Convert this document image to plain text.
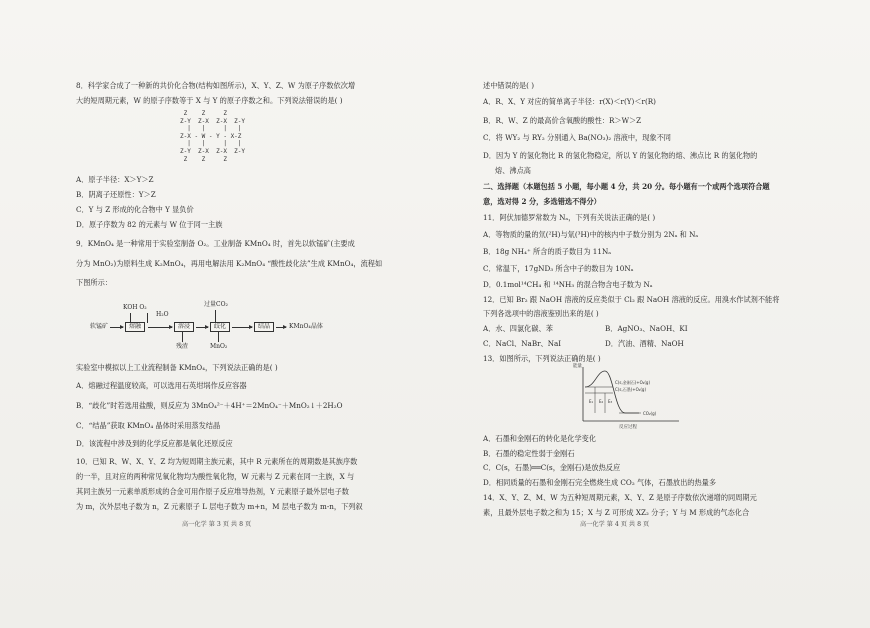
8．科学家合成了一种新的共价化合物(结构如图所示)，X、Y、Z、W 为原子序数依次增
大的短周期元素，W 的原子序数等于 X 与 Y 的原子序数之和。下列说法错误的是( )
Z    Z     Z
Z-Y  Z-X  Z-X  Z-Y
|   |     |   |
Z-X - W - Y - X-Z
|   |     |   |
Z-Y  Z-X  Z-X  Z-Y
Z    Z     Z
A．原子半径：X＞Y＞Z
B．阴离子还原性：Y＞Z
C．Y 与 Z 形成的化合物中 Y 显负价
D．原子序数为 82 的元素与 W 位于同一主族
9．KMnO₄ 是一种常用于实验室制备 O₂。工业制备 KMnO₄ 时，首先以软锰矿(主要成
分为 MnO₂)为原料生成 K₂MnO₄，再用电解法用 K₂MnO₄ “酸性歧化法”生成 KMnO₄，流程如
下图所示：
KOH O₂
软锰矿	熔融
H₂O
溶浸
残渣
过量CO₂
歧化
MnO₂
结晶	KMnO₄晶体
实验室中模拟以上工业流程制备 KMnO₄，下列说法正确的是( )
A．熔融过程温度较高，可以选用石英坩埚作反应容器
B．“歧化”时若选用盐酸，则反应为 3MnO₄²⁻＋4H⁺＝2MnO₄⁻＋MnO₂↓＋2H₂O
C．“结晶”获取 KMnO₄ 晶体时采用蒸发结晶
D．该流程中涉及到的化学反应都是氧化还原反应
10．已知 R、W、X、Y、Z 均为短周期主族元素，其中 R 元素所在的周期数是其族序数
的一半，且对应的两种常见氧化物均为酸性氧化物，W 元素与 Z 元素在同一主族，X 与
其同主族另一元素单质形成的合金可用作原子反应堆导热剂，Y 元素原子最外层电子数
为 m，次外层电子数为 n，Z 元素原子 L 层电子数为 m+n，M 层电子数为 m-n，下列叙
高一化学 第 3 页 共 8 页
述中错误的是( )
A．R、X、Y 对应的简单离子半径：r(X)＜r(Y)＜r(R)
B．R、W、Z 的最高价含氧酸的酸性：R＞W＞Z
C．将 WY₂ 与 RY₂ 分别通入 Ba(NO₃)₂ 溶液中，现象不同
D．因为 Y 的氢化物比 R 的氢化物稳定，所以 Y 的氢化物的熔、沸点比 R 的氢化物的
熔、沸点高
二、选择题（本题包括 5 小题，每小题 4 分，共 20 分。每小题有一个或两个选项符合题
意，选对得 2 分，多选错选不得分）
11．阿伏加德罗常数为 Nₐ，下列有关说法正确的是( )
A．等物质的量的氘(²H)与氚(³H)中的核内中子数分别为 2Nₐ 和 Nₐ
B．18g NH₄⁺ 所含的质子数目为 11Nₐ
C．常温下，17gND₃ 所含中子的数目为 10Nₐ
D．0.1mol¹⁴CH₄ 和 ¹⁴NH₃ 的混合物含电子数为 Nₐ
12．已知 Br₂ 跟 NaOH 溶液的反应类似于 Cl₂ 跟 NaOH 溶液的反应。用溴水作试剂不能将
下列各选项中的溶液鉴别出来的是( )
A．水、四氯化碳、苯	B．AgNO₃、NaOH、KI
C．NaCl、NaBr、NaI	D．汽油、酒精、NaOH
13．如图所示，下列说法正确的是( )
能量
反应过程
C(s,金刚石)+O₂(g)
C(s,石墨)+O₂(g)
CO₂(g)
E₁ E₂ E₃
A．石墨和金刚石的转化是化学变化
B．石墨的稳定性弱于金刚石
C．C(s，石墨)══C(s，金刚石)是放热反应
D．相同质量的石墨和金刚石完全燃烧生成 CO₂ 气体，石墨放出的热量多
14．X、Y、Z、M、W 为五种短周期元素，X、Y、Z 是原子序数依次递增的同周期元
素，且最外层电子数之和为 15；X 与 Z 可形成 XZ₂ 分子；Y 与 M 形成的气态化合
高一化学 第 4 页 共 8 页
